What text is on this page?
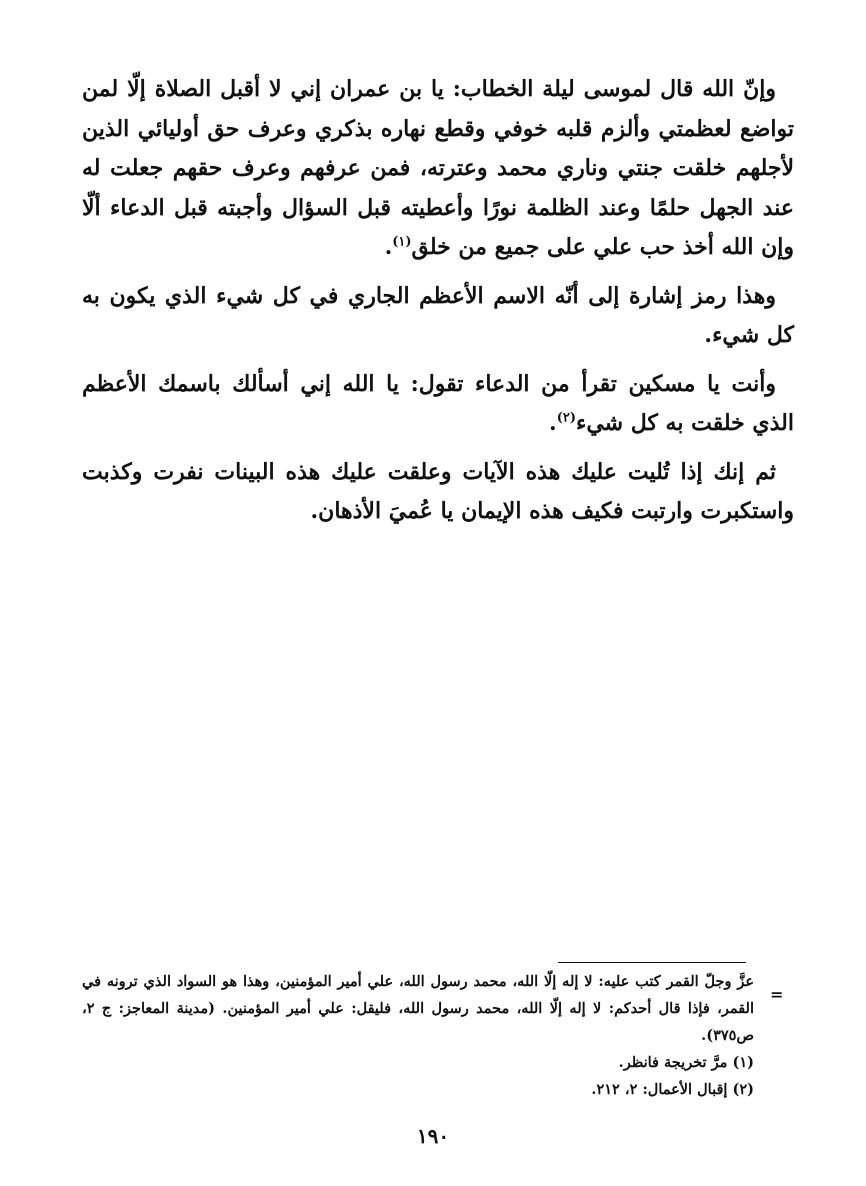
وإنّ الله قال لموسى ليلة الخطاب: يا بن عمران إني لا أقبل الصلاة إلّا لمن تواضع لعظمتي وألزم قلبه خوفي وقطع نهاره بذكري وعرف حق أوليائي الذين لأجلهم خلقت جنتي وناري محمد وعترته، فمن عرفهم وعرف حقهم جعلت له عند الجهل حلمًا وعند الظلمة نورًا وأعطيته قبل السؤال وأجبته قبل الدعاء ألّا وإن الله أخذ حب علي على جميع من خلق$^{(١)}$.

وهذا رمز إشارة إلى أنّه الاسم الأعظم الجاري في كل شيء الذي يكون به كل شيء.

وأنت يا مسكين تقرأ من الدعاء تقول: يا الله إني أسألك باسمك الأعظم الذي خلقت به كل شيء$^{(٢)}$.

ثم إنك إذا تُليت عليك هذه الآيات وعلقت عليك هذه البينات نفرت وكذبت واستكبرت وارتبت فكيف هذه الإيمان يا عُميَ الأذهان.

=

عزَّ وجلّ القمر كتب عليه: لا إله إلّا الله، محمد رسول الله، علي أمير المؤمنين، وهذا هو السواد الذي ترونه في القمر، فإذا قال أحدكم: لا إله إلّا الله، محمد رسول الله، فليقل: علي أمير المؤمنين. (مدينة المعاجز: ج ٢، ص٣٧٥).

(١) مرَّ تخريجة فانظر.

(٢) إقبال الأعمال: ٢، ٢١٢.

١٩٠
